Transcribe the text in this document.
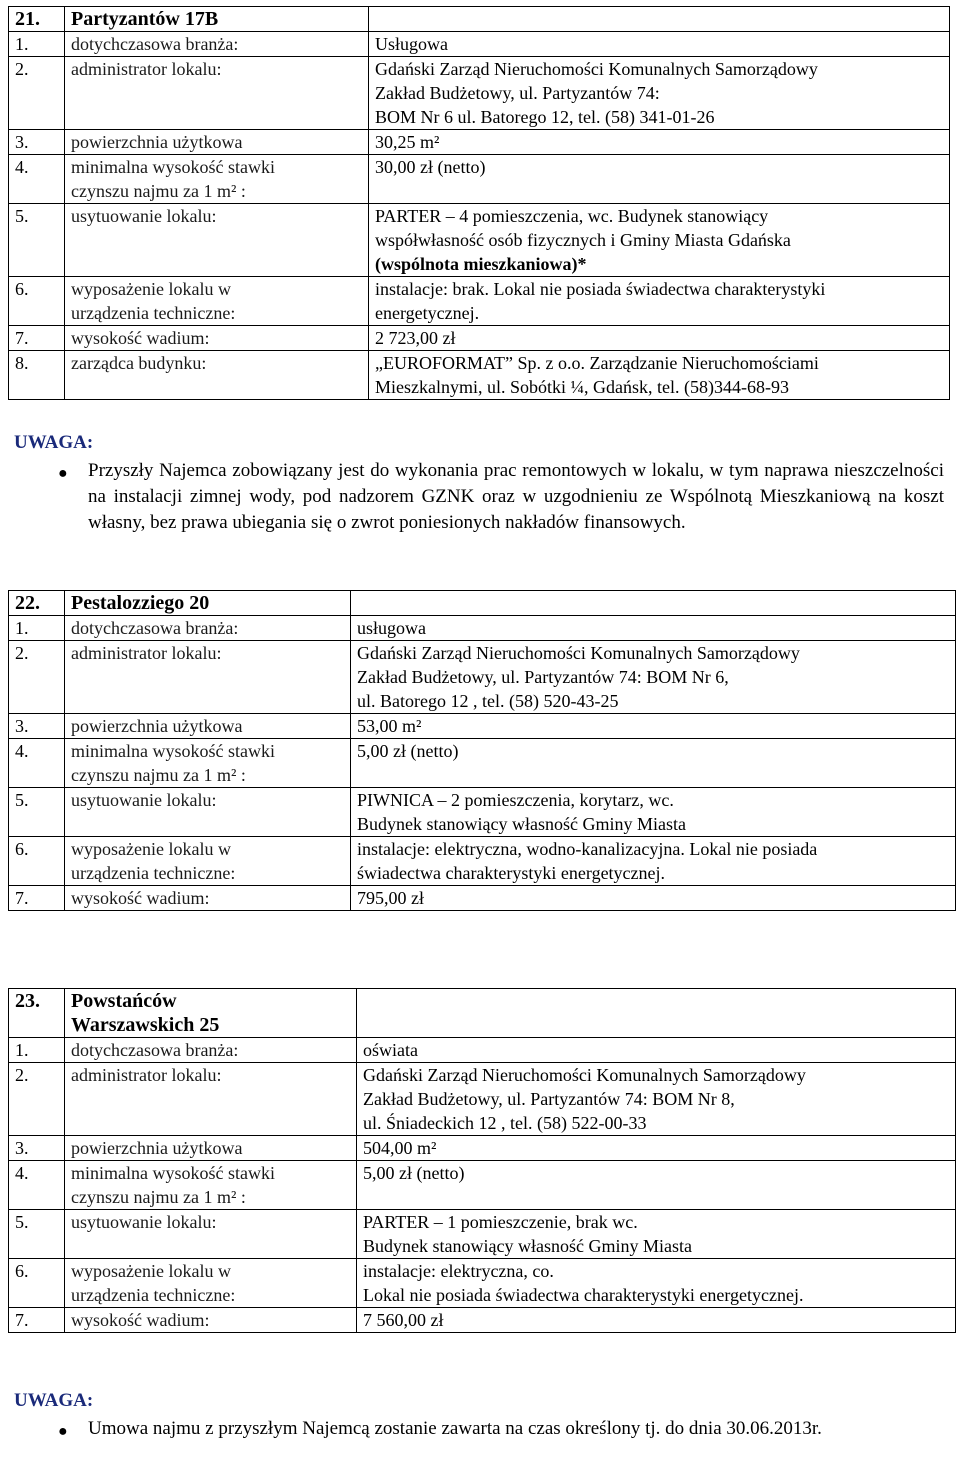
21.	Partyzantów 17B	
1.	dotychczasowa branża:	Usługowa
2.	administrator lokalu:	Gdański Zarząd Nieruchomości Komunalnych Samorządowy
Zakład Budżetowy, ul. Partyzantów 74:
BOM Nr 6 ul. Batorego 12, tel. (58) 341-01-26

3.	powierzchnia użytkowa	30,25 m²
4.	minimalna wysokość stawki
czynszu najmu za 1 m² :	30,00 zł (netto)
5.	usytuowanie lokalu:	PARTER – 4 pomieszczenia, wc. Budynek stanowiący
współwłasność osób fizycznych i Gminy Miasta Gdańska
(wspólnota mieszkaniowa)*

6.	wyposażenie lokalu w
urządzenia techniczne:	instalacje: brak. Lokal nie posiada świadectwa charakterystyki
energetycznej.

7.	wysokość wadium:	2 723,00 zł
8.	zarządca budynku:	„EUROFORMAT” Sp. z o.o. Zarządzanie Nieruchomościami
Mieszkalnymi, ul. Sobótki ¼, Gdańsk, tel. (58)344-68-93
UWAGA:
● Przyszły Najemca zobowiązany jest do wykonania prac remontowych w lokalu, w tym naprawa nieszczelności na instalacji zimnej wody, pod nadzorem GZNK oraz w uzgodnieniu ze Wspólnotą Mieszkaniową na koszt własny, bez prawa ubiegania się o zwrot poniesionych nakładów finansowych.
22.	Pestalozziego 20	
1.	dotychczasowa branża:	usługowa
2.	administrator lokalu:	Gdański Zarząd Nieruchomości Komunalnych Samorządowy
Zakład Budżetowy, ul. Partyzantów 74: BOM Nr 6,
ul. Batorego 12 , tel. (58) 520-43-25

3.	powierzchnia użytkowa	53,00 m²
4.	minimalna wysokość stawki
czynszu najmu za 1 m² :	5,00 zł (netto)
5.	usytuowanie lokalu:	PIWNICA – 2 pomieszczenia, korytarz, wc.
Budynek stanowiący własność Gminy Miasta

6.	wyposażenie lokalu w
urządzenia techniczne:	instalacje: elektryczna, wodno-kanalizacyjna. Lokal nie posiada
świadectwa charakterystyki energetycznej.

7.	wysokość wadium:	795,00 zł
23.	Powstańców
Warszawskich 25	

1.	dotychczasowa branża:	oświata
2.	administrator lokalu:	Gdański Zarząd Nieruchomości Komunalnych Samorządowy
Zakład Budżetowy, ul. Partyzantów 74: BOM Nr 8,
ul. Śniadeckich 12 , tel. (58) 522-00-33

3.	powierzchnia użytkowa	504,00 m²
4.	minimalna wysokość stawki
czynszu najmu za 1 m² :	5,00 zł (netto)
5.	usytuowanie lokalu:	PARTER – 1 pomieszczenie, brak wc.
Budynek stanowiący własność Gminy Miasta

6.	wyposażenie lokalu w
urządzenia techniczne:	instalacje: elektryczna, co.
Lokal nie posiada świadectwa charakterystyki energetycznej.

7.	wysokość wadium:	7 560,00 zł
UWAGA:
● Umowa najmu z przyszłym Najemcą zostanie zawarta na czas określony tj. do dnia 30.06.2013r.
